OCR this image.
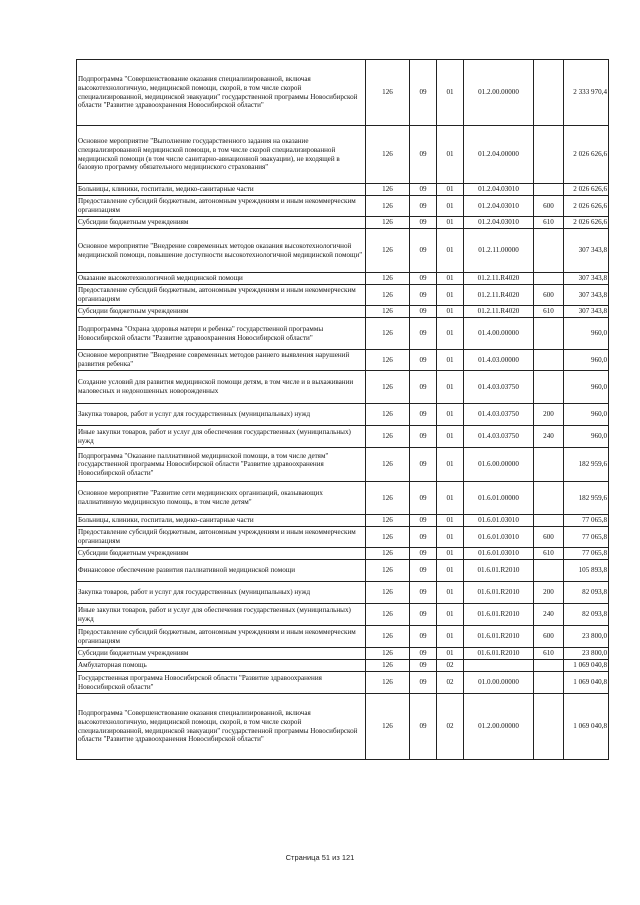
Подпрограмма "Совершенствование оказания специализированной, включая высокотехнологичную, медицинской помощи, скорой, в том числе скорой специализированной, медицинской эвакуации" государственной программы Новосибирской области "Развитие здравоохранения Новосибирской области"	126	09	01	01.2.00.00000		2 333 970,4
Основное мероприятие "Выполнение государственного задания на оказание специализированной медицинской помощи, в том числе скорой специализированной медицинской помощи (в том числе санитарно-авиационной эвакуации), не входящей в базовую программу обязательного медицинского страхования"	126	09	01	01.2.04.00000		2 026 626,6
Больницы, клиники, госпитали, медико-санитарные части	126	09	01	01.2.04.03010		2 026 626,6
Предоставление субсидий бюджетным, автономным учреждениям и иным некоммерческим организациям	126	09	01	01.2.04.03010	600	2 026 626,6
Субсидии бюджетным учреждениям	126	09	01	01.2.04.03010	610	2 026 626,6
Основное мероприятие "Внедрение современных методов оказания высокотехнологичной медицинской помощи, повышение доступности высокотехнологичной медицинской помощи"	126	09	01	01.2.11.00000		307 343,8
Оказание высокотехнологичной медицинской помощи	126	09	01	01.2.11.R4020		307 343,8
Предоставление субсидий бюджетным, автономным учреждениям и иным некоммерческим организациям	126	09	01	01.2.11.R4020	600	307 343,8
Субсидии бюджетным учреждениям	126	09	01	01.2.11.R4020	610	307 343,8
Подпрограмма "Охрана здоровья матери и ребенка" государственной программы Новосибирской области "Развитие здравоохранения Новосибирской области"	126	09	01	01.4.00.00000		960,0
Основное мероприятие "Внедрение современных методов раннего выявления нарушений развития ребенка"	126	09	01	01.4.03.00000		960,0
Создание условий для развития медицинской помощи детям, в том числе и в выхаживании маловесных и недоношенных новорожденных	126	09	01	01.4.03.03750		960,0
Закупка товаров, работ и услуг для государственных (муниципальных) нужд	126	09	01	01.4.03.03750	200	960,0
Иные закупки товаров, работ и услуг для обеспечения государственных (муниципальных) нужд	126	09	01	01.4.03.03750	240	960,0
Подпрограмма "Оказание паллиативной медицинской помощи, в том числе детям" государственной программы Новосибирской области "Развитие здравоохранения Новосибирской области"	126	09	01	01.6.00.00000		182 959,6
Основное мероприятие "Развитие сети медицинских организаций, оказывающих паллиативную медицинскую помощь, в том числе детям"	126	09	01	01.6.01.00000		182 959,6
Больницы, клиники, госпитали, медико-санитарные части	126	09	01	01.6.01.03010		77 065,8
Предоставление субсидий бюджетным, автономным учреждениям и иным некоммерческим организациям	126	09	01	01.6.01.03010	600	77 065,8
Субсидии бюджетным учреждениям	126	09	01	01.6.01.03010	610	77 065,8
Финансовое обеспечение развития паллиативной медицинской помощи	126	09	01	01.6.01.R2010		105 893,8
Закупка товаров, работ и услуг для государственных (муниципальных) нужд	126	09	01	01.6.01.R2010	200	82 093,8
Иные закупки товаров, работ и услуг для обеспечения государственных (муниципальных) нужд	126	09	01	01.6.01.R2010	240	82 093,8
Предоставление субсидий бюджетным, автономным учреждениям и иным некоммерческим организациям	126	09	01	01.6.01.R2010	600	23 800,0
Субсидии бюджетным учреждениям	126	09	01	01.6.01.R2010	610	23 800,0
Амбулаторная помощь	126	09	02			1 069 040,8
Государственная программа Новосибирской области "Развитие здравоохранения Новосибирской области"	126	09	02	01.0.00.00000		1 069 040,8
Подпрограмма "Совершенствование оказания специализированной, включая высокотехнологичную, медицинской помощи, скорой, в том числе скорой специализированной, медицинской эвакуации" государственной программы Новосибирской области "Развитие здравоохранения Новосибирской области"	126	09	02	01.2.00.00000		1 069 040,8
Страница 51 из 121
